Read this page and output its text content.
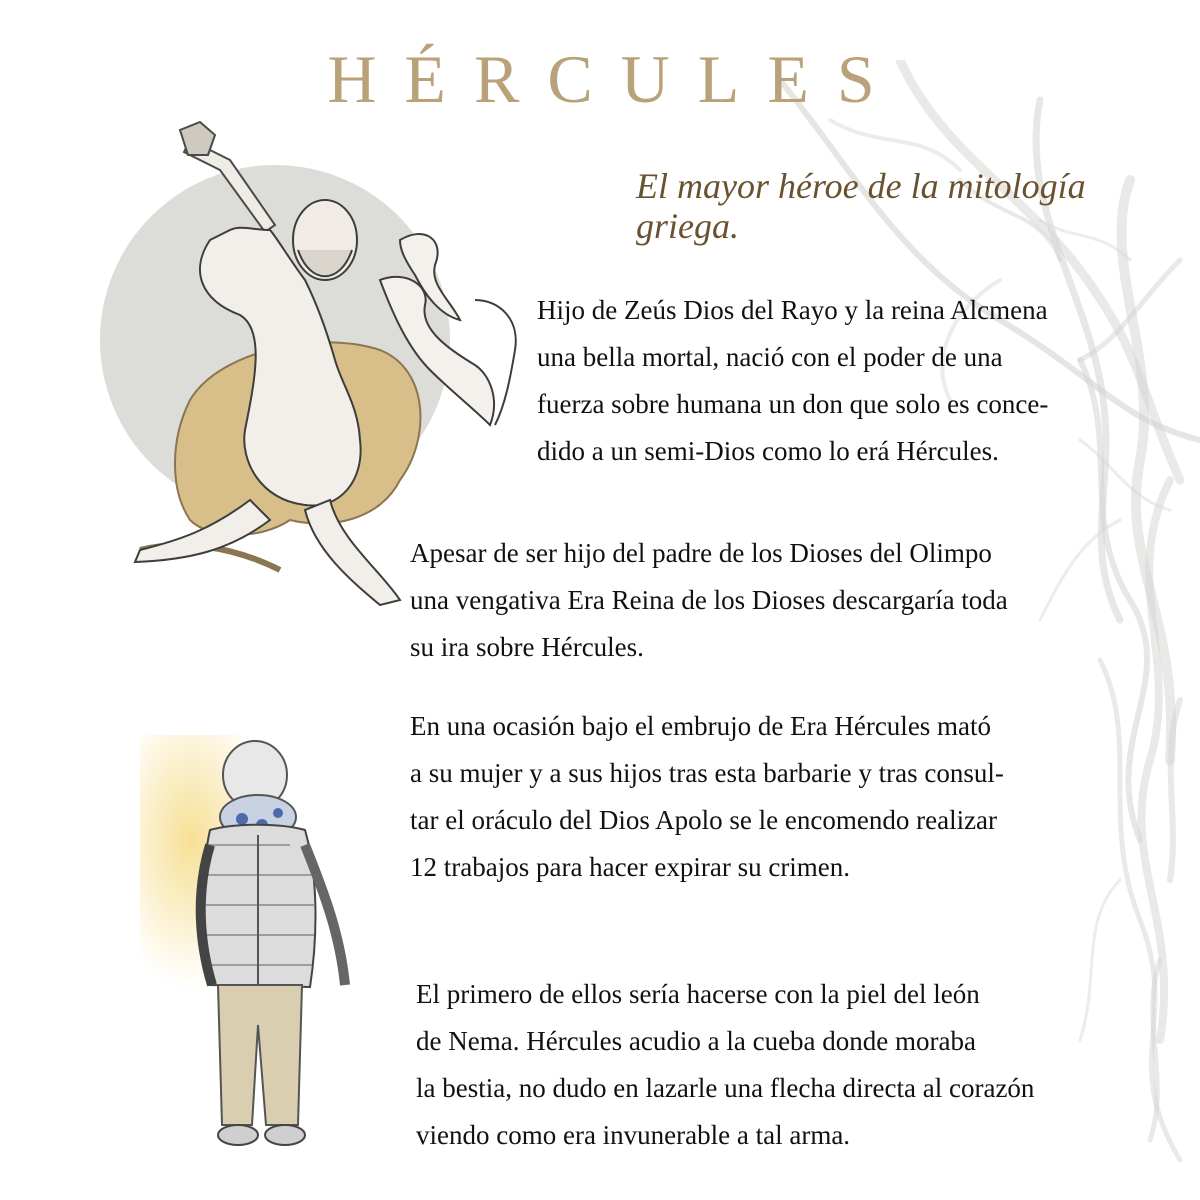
HÉRCULES
El mayor héroe de la mitología griega.
Hijo de Zeús Dios del Rayo y la reina Alcmena
una bella mortal, nació con el poder de una
fuerza sobre humana un don que solo es conce-
dido a un semi-Dios como lo erá Hércules.
Apesar de ser hijo del padre de los Dioses del Olimpo
una vengativa Era Reina de los Dioses descargaría toda
su ira sobre Hércules.
En una ocasión bajo el embrujo de Era Hércules mató
a su mujer y a sus hijos tras esta barbarie y tras consul-
tar el oráculo del Dios Apolo se le encomendo realizar
12 trabajos para hacer expirar su crimen.
El primero de ellos sería hacerse con la piel del león
de Nema. Hércules acudio a la cueba donde moraba
la bestia, no dudo en lazarle una flecha directa al corazón
viendo como era invunerable a tal arma.
